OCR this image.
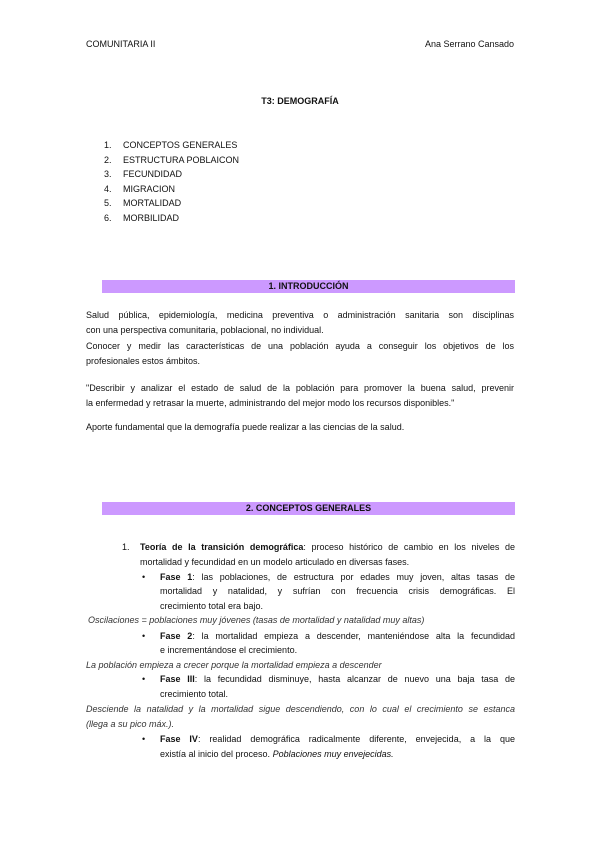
COMUNITARIA II	Ana Serrano Cansado
T3: DEMOGRAFÍA
1. CONCEPTOS GENERALES
2. ESTRUCTURA POBLAICON
3. FECUNDIDAD
4. MIGRACION
5. MORTALIDAD
6. MORBILIDAD
1. INTRODUCCIÓN
Salud pública, epidemiología, medicina preventiva o administración sanitaria son disciplinas
con una perspectiva comunitaria, poblacional, no individual.
Conocer y medir las características de una población ayuda a conseguir los objetivos de los
profesionales estos ámbitos.
"Describir y analizar el estado de salud de la población para promover la buena salud, prevenir
la enfermedad y retrasar la muerte, administrando del mejor modo los recursos disponibles."
Aporte fundamental que la demografía puede realizar a las ciencias de la salud.
2. CONCEPTOS GENERALES
1. Teoría de la transición demográfica: proceso histórico de cambio en los niveles de
mortalidad y fecundidad en un modelo articulado en diversas fases.
• Fase 1: las poblaciones, de estructura por edades muy joven, altas tasas de
mortalidad y natalidad, y sufrían con frecuencia crisis demográficas. El
crecimiento total era bajo.
Oscilaciones = poblaciones muy jóvenes (tasas de mortalidad y natalidad muy altas)
• Fase 2: la mortalidad empieza a descender, manteniéndose alta la fecundidad
e incrementándose el crecimiento.
La población empieza a crecer porque la mortalidad empieza a descender
• Fase III: la fecundidad disminuye, hasta alcanzar de nuevo una baja tasa de
crecimiento total.
Desciende la natalidad y la mortalidad sigue descendiendo, con lo cual el crecimiento se estanca
(llega a su pico máx.).
• Fase IV: realidad demográfica radicalmente diferente, envejecida, a la que
existía al inicio del proceso. Poblaciones muy envejecidas.
